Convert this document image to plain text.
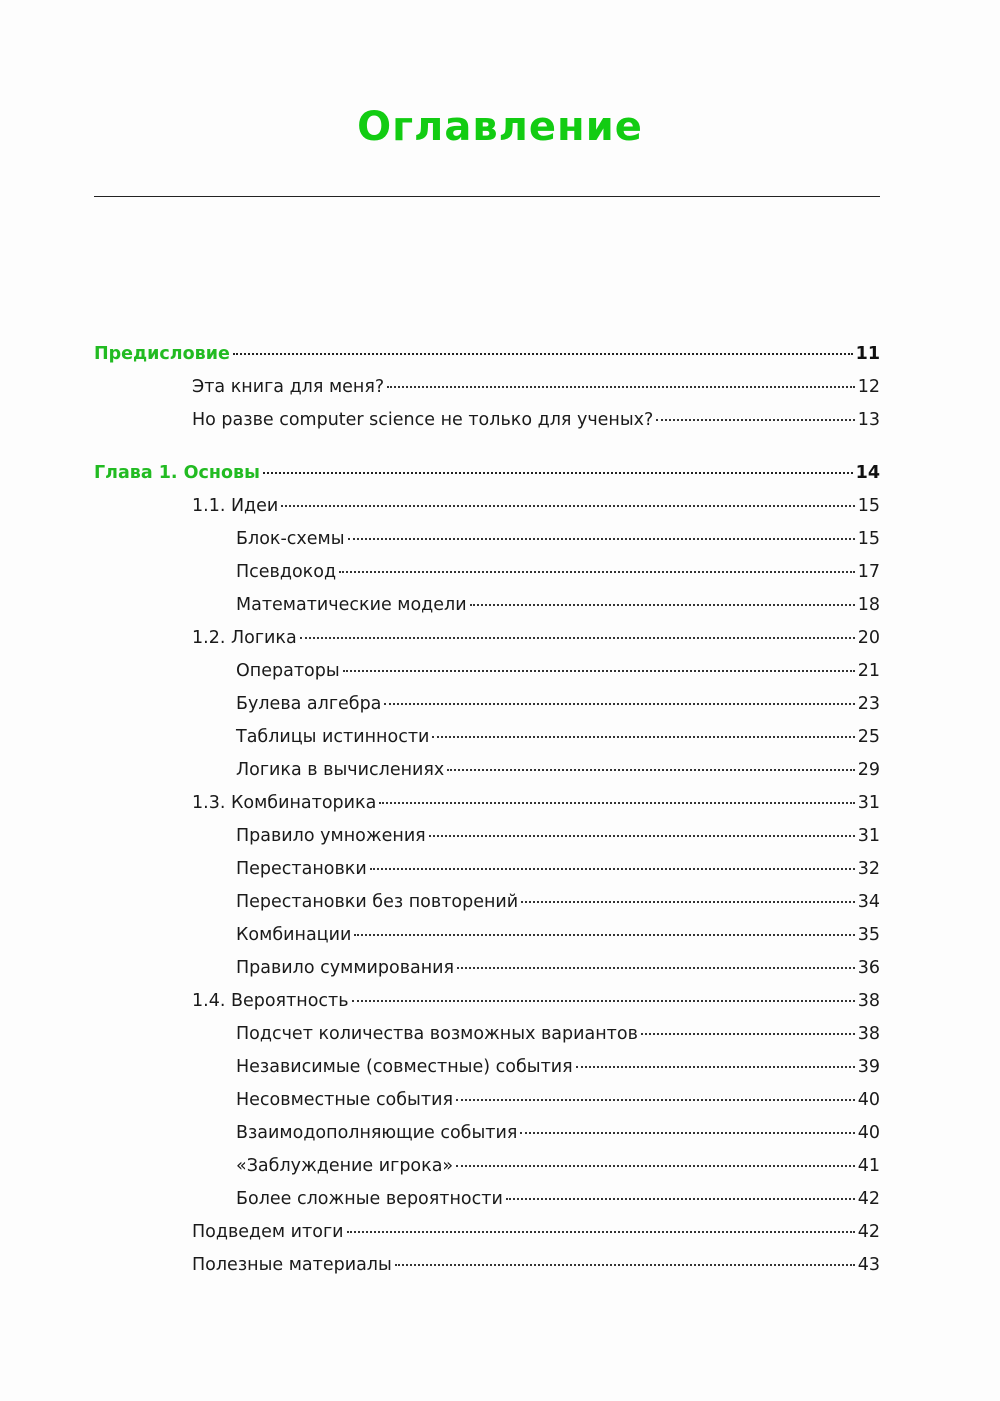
Оглавление
Предисловие	11
Эта книга для меня?	12
Но разве computer science не только для ученых?	13
Глава 1. Основы	14
1.1. Идеи	15
Блок-схемы	15
Псевдокод	17
Математические модели	18
1.2. Логика	20
Операторы	21
Булева алгебра	23
Таблицы истинности	25
Логика в вычислениях	29
1.3. Комбинаторика	31
Правило умножения	31
Перестановки	32
Перестановки без повторений	34
Комбинации	35
Правило суммирования	36
1.4. Вероятность	38
Подсчет количества возможных вариантов	38
Независимые (совместные) события	39
Несовместные события	40
Взаимодополняющие события	40
«Заблуждение игрока»	41
Более сложные вероятности	42
Подведем итоги	42
Полезные материалы	43
